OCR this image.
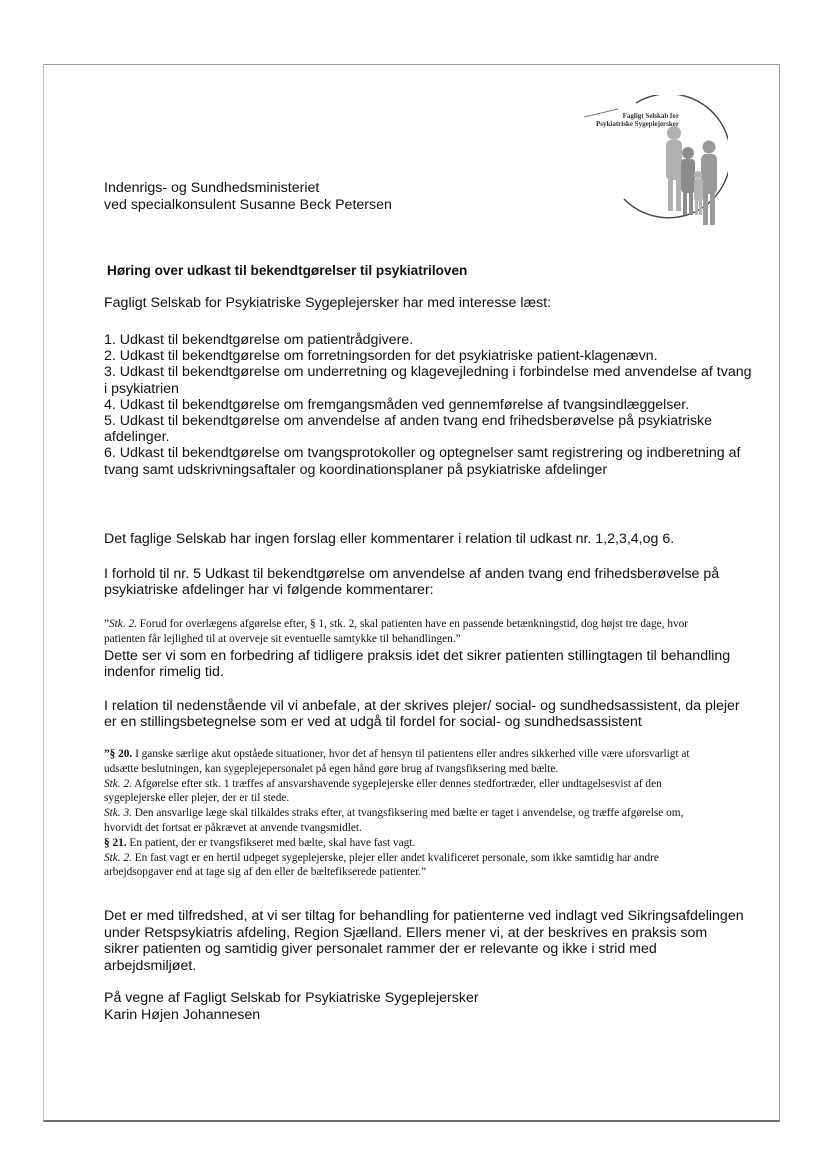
Fagligt Selskab for
Psykiatriske Sygeplejersker
Indenrigs- og Sundhedsministeriet
ved specialkonsulent Susanne Beck Petersen
Høring over udkast til bekendtgørelser til psykiatriloven
Fagligt Selskab for Psykiatriske Sygeplejersker har med interesse læst:

1. Udkast til bekendtgørelse om patientrådgivere.

2. Udkast til bekendtgørelse om forretningsorden for det psykiatriske patient-klagenævn.

3. Udkast til bekendtgørelse om underretning og klagevejledning i forbindelse med anvendelse af tvang i psykiatrien

4. Udkast til bekendtgørelse om fremgangsmåden ved gennemførelse af tvangsindlæggelser.

5. Udkast til bekendtgørelse om anvendelse af anden tvang end frihedsberøvelse på psykiatriske afdelinger.

6. Udkast til bekendtgørelse om tvangsprotokoller og optegnelser samt registrering og indberetning af tvang samt udskrivningsaftaler og koordinationsplaner på psykiatriske afdelinger

Det faglige Selskab har ingen forslag eller kommentarer i relation til udkast nr. 1,2,3,4,og 6.
I forhold til nr. 5 Udkast til bekendtgørelse om anvendelse af anden tvang end frihedsberøvelse på psykiatriske afdelinger har vi følgende kommentarer:
”Stk. 2. Forud for overlægens afgørelse efter, § 1, stk. 2, skal patienten have en passende betænkningstid, dog højst tre dage, hvor patienten får lejlighed til at overveje sit eventuelle samtykke til behandlingen.”
Dette ser vi som en forbedring af tidligere praksis idet det sikrer patienten stillingtagen til behandling indenfor rimelig tid.
I relation til nedenstående vil vi anbefale, at der skrives plejer/ social- og sundhedsassistent, da plejer er en stillingsbetegnelse som er ved at udgå til fordel for social- og sundhedsassistent

”§ 20. I ganske særlige akut opståede situationer, hvor det af hensyn til patientens eller andres sikkerhed ville være uforsvarligt at udsætte beslutningen, kan sygeplejepersonalet på egen hånd gøre brug af tvangsfiksering med bælte.

Stk. 2. Afgørelse efter stk. 1 træffes af ansvarshavende sygeplejerske eller dennes stedfortræder, eller undtagelsesvist af den sygeplejerske eller plejer, der er til stede.

Stk. 3. Den ansvarlige læge skal tilkaldes straks efter, at tvangsfiksering med bælte er taget i anvendelse, og træffe afgørelse om, hvorvidt det fortsat er påkrævet at anvende tvangsmidlet.

§ 21. En patient, der er tvangsfikseret med bælte, skal have fast vagt.

Stk. 2. En fast vagt er en hertil udpeget sygeplejerske, plejer eller andet kvalificeret personale, som ikke samtidig har andre arbejdsopgaver end at tage sig af den eller de bæltefikserede patienter.”

Det er med tilfredshed, at vi ser tiltag for behandling for patienterne ved indlagt ved Sikringsafdelingen under Retspsykiatris afdeling, Region Sjælland. Ellers mener vi, at der beskrives en praksis som sikrer patienten og samtidig giver personalet rammer der er relevante og ikke i strid med arbejdsmiljøet.
På vegne af Fagligt Selskab for Psykiatriske Sygeplejersker
Karin Højen Johannesen
